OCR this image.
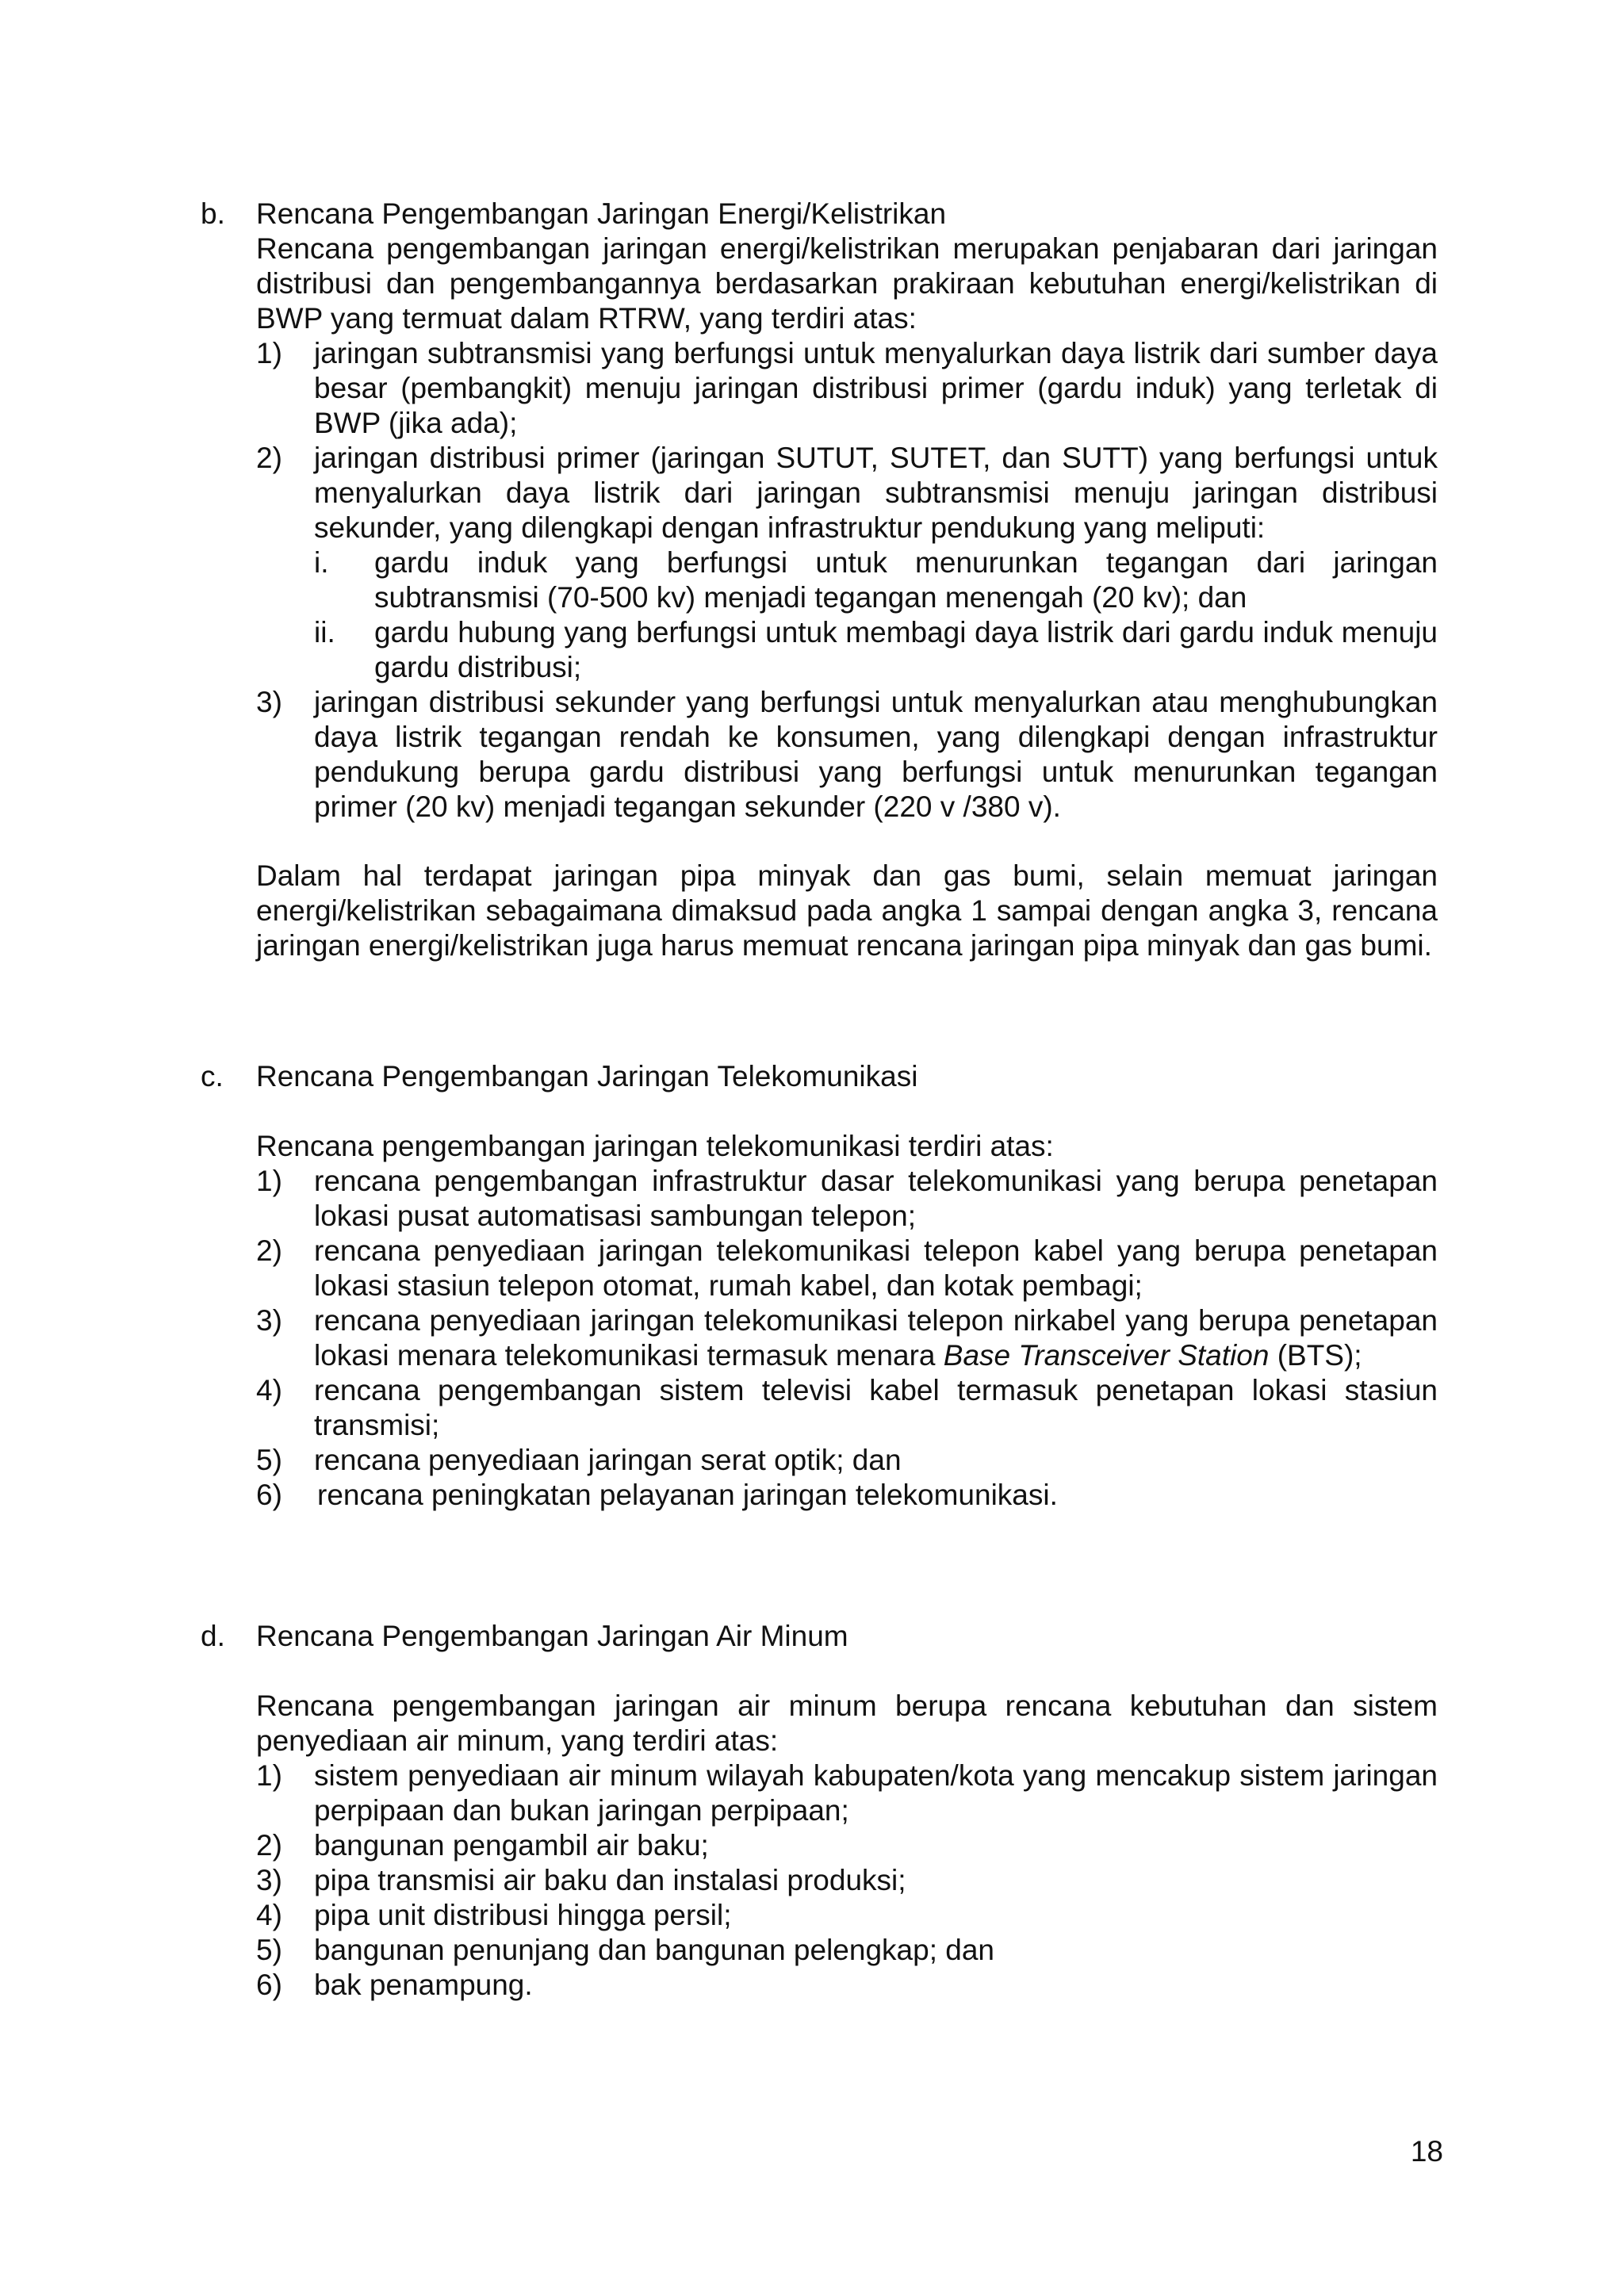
b.	Rencana Pengembangan Jaringan Energi/Kelistrikan

Rencana pengembangan jaringan energi/kelistrikan merupakan penjabaran dari jaringan distribusi dan pengembangannya berdasarkan prakiraan kebutuhan energi/kelistrikan di BWP yang termuat dalam RTRW, yang terdiri atas:

1)	jaringan subtransmisi yang berfungsi untuk menyalurkan daya listrik dari sumber daya besar (pembangkit) menuju jaringan distribusi primer (gardu induk) yang terletak di BWP (jika ada);
2)	jaringan distribusi primer (jaringan SUTUT, SUTET, dan SUTT) yang berfungsi untuk menyalurkan daya listrik dari jaringan subtransmisi menuju jaringan distribusi sekunder, yang dilengkapi dengan infrastruktur pendukung yang meliputi:
i.	gardu induk yang berfungsi untuk menurunkan tegangan dari jaringan subtransmisi (70-500 kv) menjadi tegangan menengah (20 kv); dan
ii.	gardu hubung yang berfungsi untuk membagi daya listrik dari gardu induk menuju gardu distribusi;
3)	jaringan distribusi sekunder yang berfungsi untuk menyalurkan atau menghubungkan daya listrik tegangan rendah ke konsumen, yang dilengkapi dengan infrastruktur pendukung berupa gardu distribusi yang berfungsi untuk menurunkan tegangan primer (20 kv) menjadi tegangan sekunder (220 v /380 v).

Dalam hal terdapat jaringan pipa minyak dan gas bumi, selain memuat jaringan energi/kelistrikan sebagaimana dimaksud pada angka 1 sampai dengan angka 3, rencana jaringan energi/kelistrikan juga harus memuat rencana jaringan pipa minyak dan gas bumi.

c.	Rencana Pengembangan Jaringan Telekomunikasi

Rencana pengembangan jaringan telekomunikasi terdiri atas:

1)	rencana pengembangan infrastruktur dasar telekomunikasi yang berupa penetapan lokasi pusat automatisasi sambungan telepon;
2)	rencana penyediaan jaringan telekomunikasi telepon kabel yang berupa penetapan lokasi stasiun telepon otomat, rumah kabel, dan kotak pembagi;
3)	rencana penyediaan jaringan telekomunikasi telepon nirkabel yang berupa penetapan lokasi menara telekomunikasi termasuk menara Base Transceiver Station (BTS);
4)	rencana pengembangan sistem televisi kabel termasuk penetapan lokasi stasiun transmisi;
5)	rencana penyediaan jaringan serat optik; dan
6)	rencana peningkatan pelayanan jaringan telekomunikasi.
d.	Rencana Pengembangan Jaringan Air Minum

Rencana pengembangan jaringan air minum berupa rencana kebutuhan dan sistem penyediaan air minum, yang terdiri atas:

1)	sistem penyediaan air minum wilayah kabupaten/kota yang mencakup sistem jaringan perpipaan dan bukan jaringan perpipaan;
2)	bangunan pengambil air baku;
3)	pipa transmisi air baku dan instalasi produksi;
4)	pipa unit distribusi hingga persil;
5)	bangunan penunjang dan bangunan pelengkap; dan
6)	bak penampung.
18
